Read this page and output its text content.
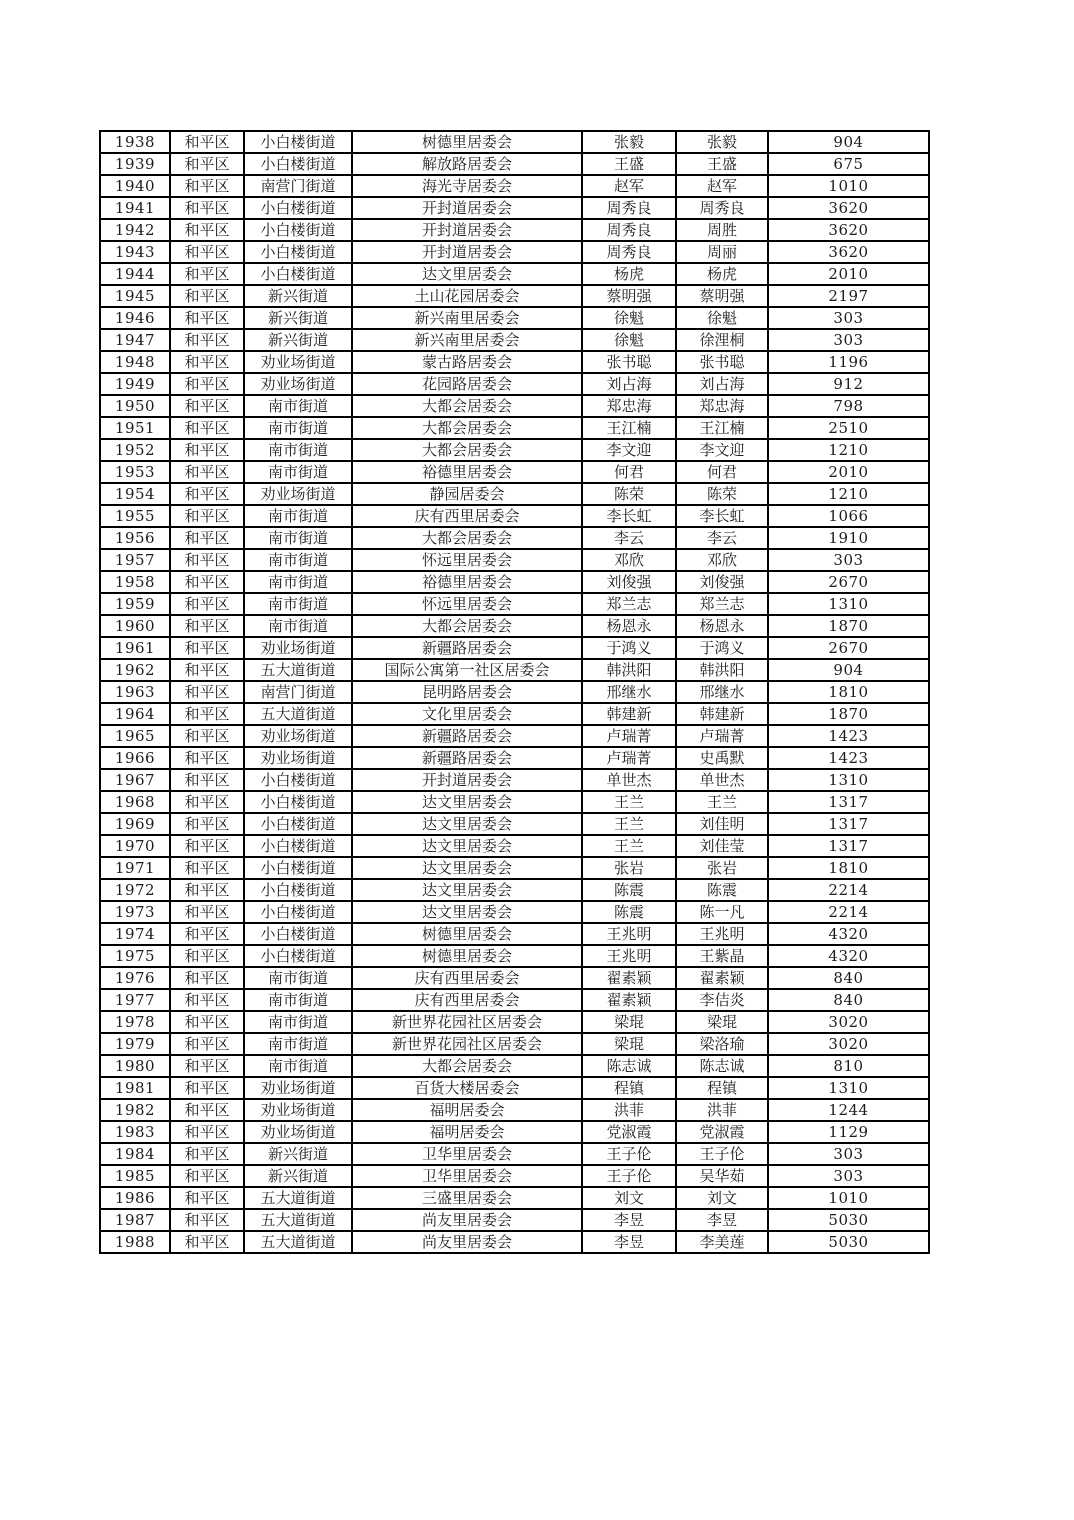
1938	和平区	小白楼街道	树德里居委会	张毅	张毅	904
1939	和平区	小白楼街道	解放路居委会	王盛	王盛	675
1940	和平区	南营门街道	海光寺居委会	赵军	赵军	1010
1941	和平区	小白楼街道	开封道居委会	周秀良	周秀良	3620
1942	和平区	小白楼街道	开封道居委会	周秀良	周胜	3620
1943	和平区	小白楼街道	开封道居委会	周秀良	周丽	3620
1944	和平区	小白楼街道	达文里居委会	杨虎	杨虎	2010
1945	和平区	新兴街道	土山花园居委会	蔡明强	蔡明强	2197
1946	和平区	新兴街道	新兴南里居委会	徐魁	徐魁	303
1947	和平区	新兴街道	新兴南里居委会	徐魁	徐浬桐	303
1948	和平区	劝业场街道	蒙古路居委会	张书聪	张书聪	1196
1949	和平区	劝业场街道	花园路居委会	刘占海	刘占海	912
1950	和平区	南市街道	大都会居委会	郑忠海	郑忠海	798
1951	和平区	南市街道	大都会居委会	王江楠	王江楠	2510
1952	和平区	南市街道	大都会居委会	李文迎	李文迎	1210
1953	和平区	南市街道	裕德里居委会	何君	何君	2010
1954	和平区	劝业场街道	静园居委会	陈荣	陈荣	1210
1955	和平区	南市街道	庆有西里居委会	李长虹	李长虹	1066
1956	和平区	南市街道	大都会居委会	李云	李云	1910
1957	和平区	南市街道	怀远里居委会	邓欣	邓欣	303
1958	和平区	南市街道	裕德里居委会	刘俊强	刘俊强	2670
1959	和平区	南市街道	怀远里居委会	郑兰志	郑兰志	1310
1960	和平区	南市街道	大都会居委会	杨恩永	杨恩永	1870
1961	和平区	劝业场街道	新疆路居委会	于鸿义	于鸿义	2670
1962	和平区	五大道街道	国际公寓第一社区居委会	韩洪阳	韩洪阳	904
1963	和平区	南营门街道	昆明路居委会	邢继水	邢继水	1810
1964	和平区	五大道街道	文化里居委会	韩建新	韩建新	1870
1965	和平区	劝业场街道	新疆路居委会	卢瑞菁	卢瑞菁	1423
1966	和平区	劝业场街道	新疆路居委会	卢瑞菁	史禹默	1423
1967	和平区	小白楼街道	开封道居委会	单世杰	单世杰	1310
1968	和平区	小白楼街道	达文里居委会	王兰	王兰	1317
1969	和平区	小白楼街道	达文里居委会	王兰	刘佳明	1317
1970	和平区	小白楼街道	达文里居委会	王兰	刘佳莹	1317
1971	和平区	小白楼街道	达文里居委会	张岩	张岩	1810
1972	和平区	小白楼街道	达文里居委会	陈震	陈震	2214
1973	和平区	小白楼街道	达文里居委会	陈震	陈一凡	2214
1974	和平区	小白楼街道	树德里居委会	王兆明	王兆明	4320
1975	和平区	小白楼街道	树德里居委会	王兆明	王紫晶	4320
1976	和平区	南市街道	庆有西里居委会	翟素颖	翟素颖	840
1977	和平区	南市街道	庆有西里居委会	翟素颖	李佶炎	840
1978	和平区	南市街道	新世界花园社区居委会	梁琨	梁琨	3020
1979	和平区	南市街道	新世界花园社区居委会	梁琨	梁洛瑜	3020
1980	和平区	南市街道	大都会居委会	陈志诚	陈志诚	810
1981	和平区	劝业场街道	百货大楼居委会	程镇	程镇	1310
1982	和平区	劝业场街道	福明居委会	洪菲	洪菲	1244
1983	和平区	劝业场街道	福明居委会	党淑霞	党淑霞	1129
1984	和平区	新兴街道	卫华里居委会	王子伦	王子伦	303
1985	和平区	新兴街道	卫华里居委会	王子伦	吴华茹	303
1986	和平区	五大道街道	三盛里居委会	刘文	刘文	1010
1987	和平区	五大道街道	尚友里居委会	李昱	李昱	5030
1988	和平区	五大道街道	尚友里居委会	李昱	李美莲	5030
